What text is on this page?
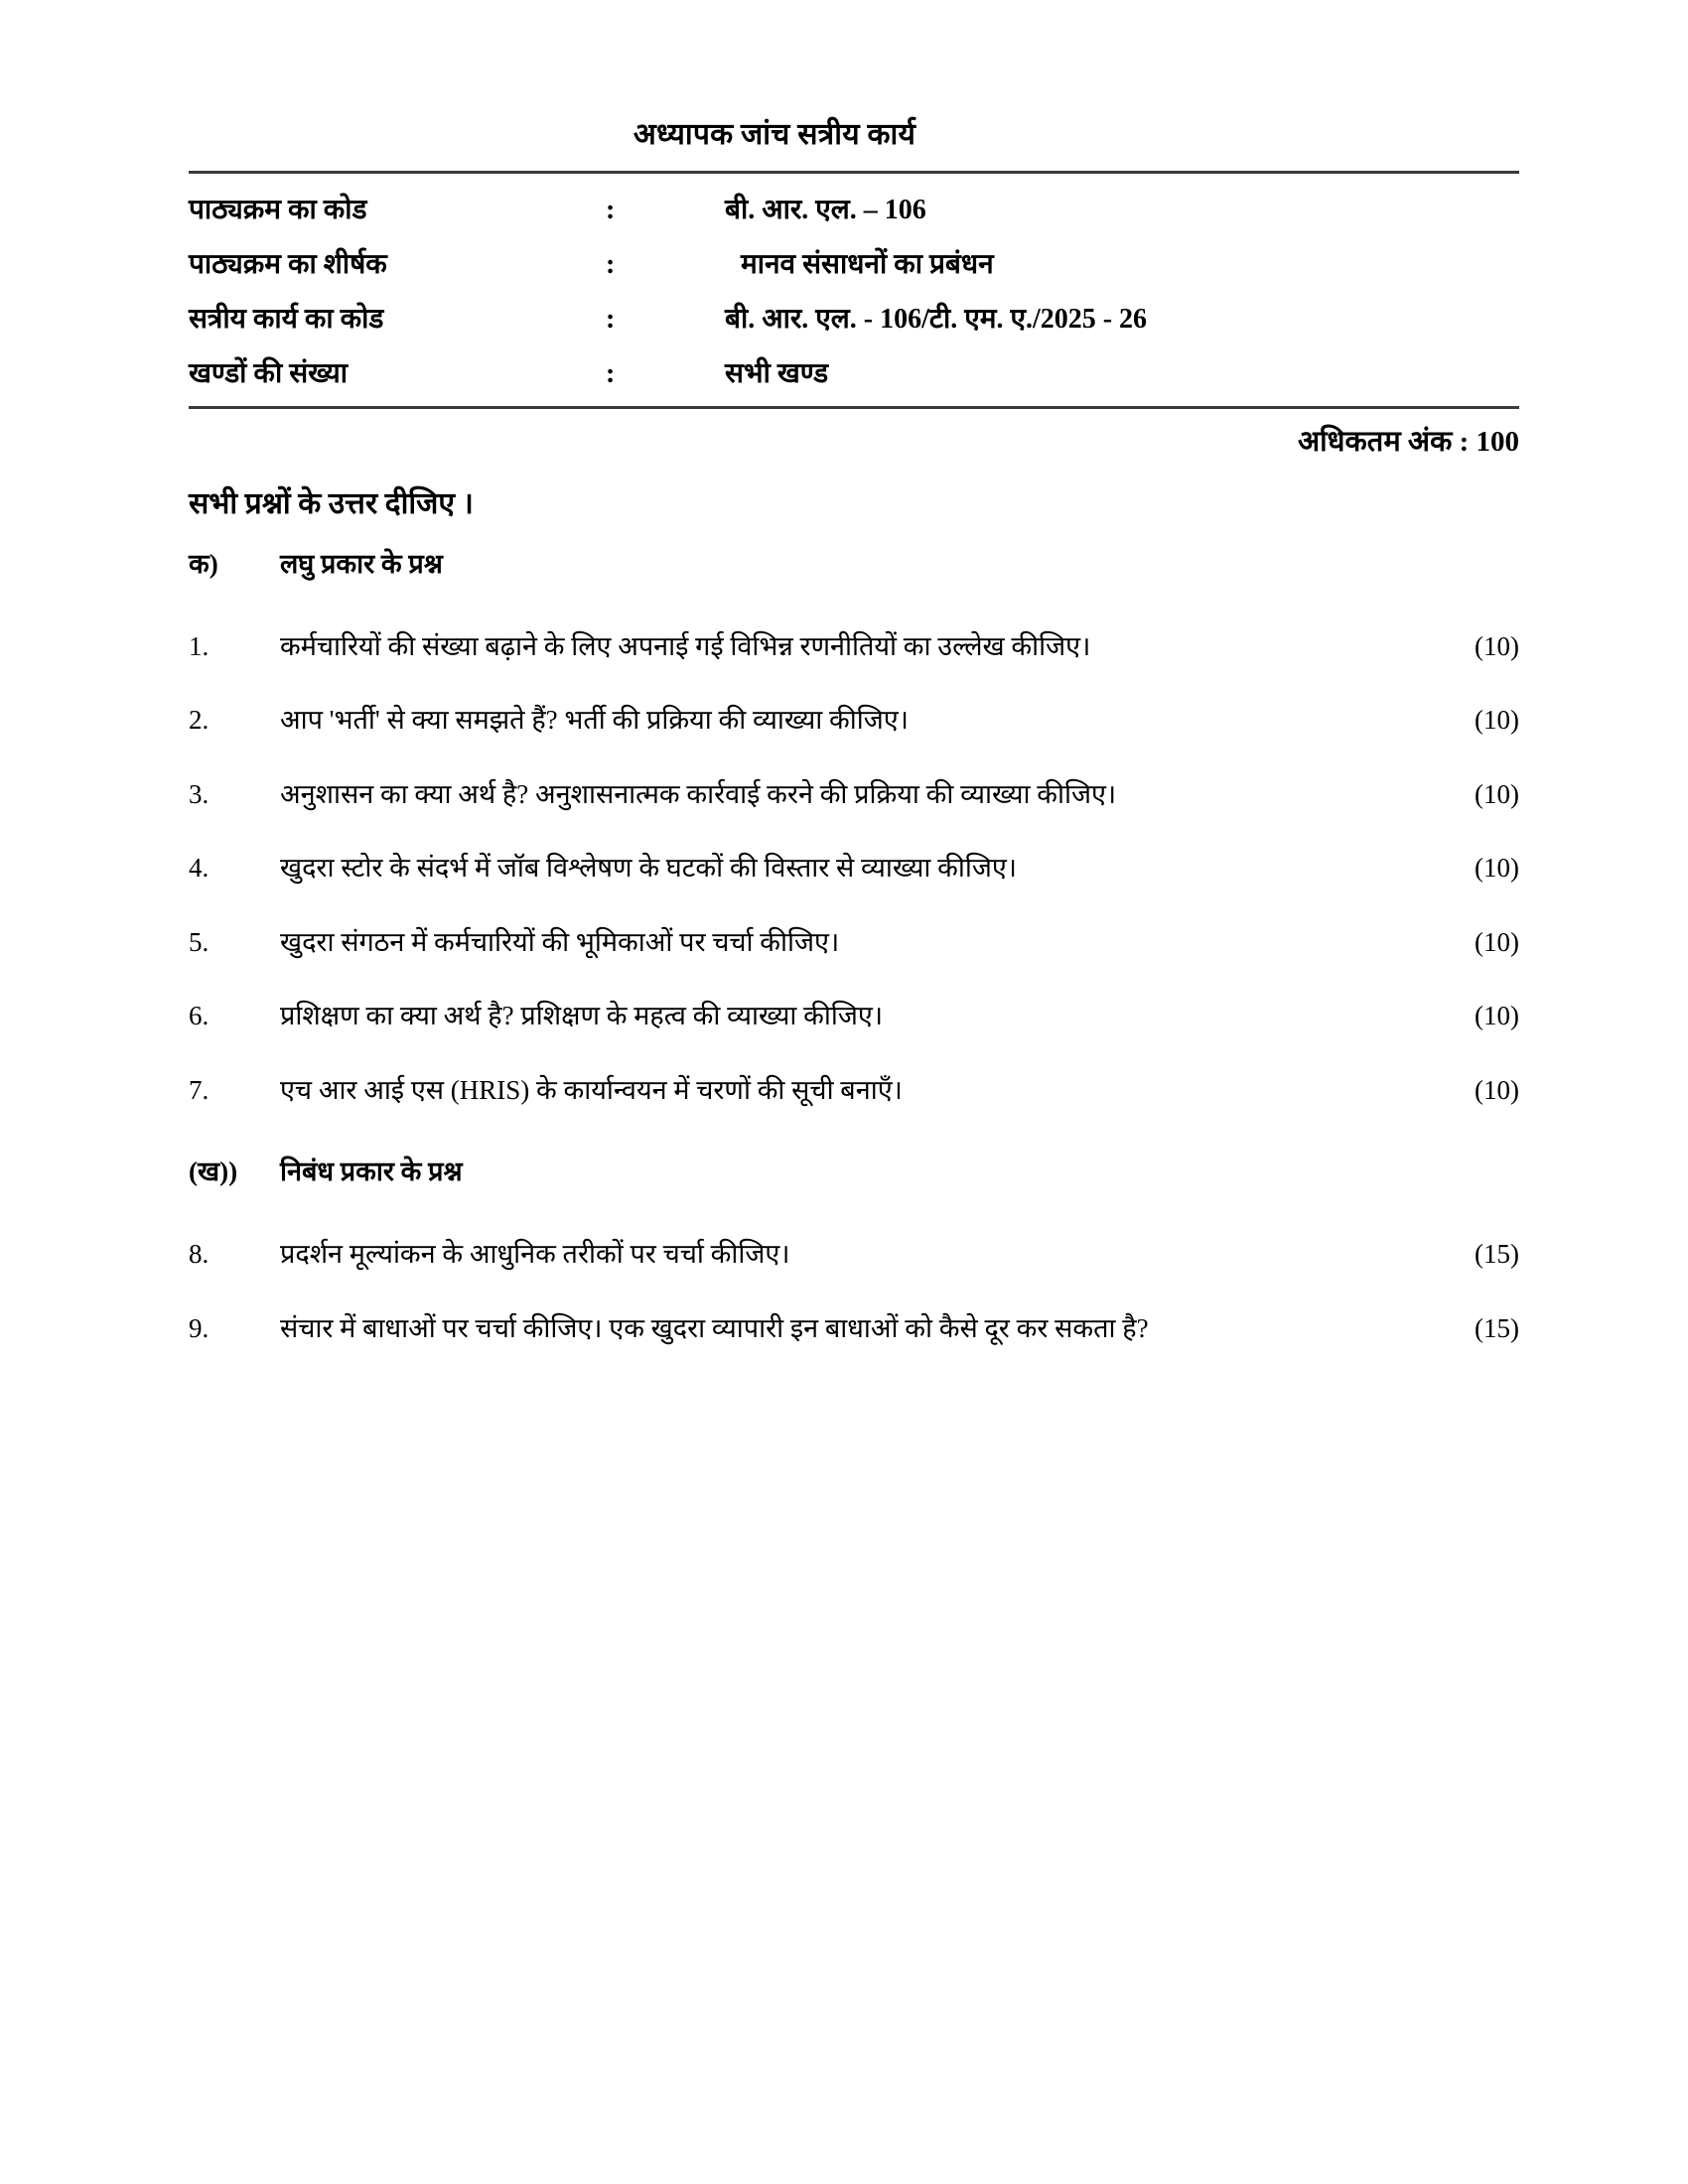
अध्यापक जांच सत्रीय कार्य
पाठ्यक्रम का कोड	:	बी. आर. एल. – 106
पाठ्यक्रम का शीर्षक	:	मानव संसाधनों का प्रबंधन
सत्रीय कार्य का कोड	:	बी. आर. एल. - 106/टी. एम. ए./2025 - 26
खण्डों की संख्या	:	सभी खण्ड
अधिकतम अंक : 100
सभी प्रश्नों के उत्तर दीजिए ।
क)	लघु प्रकार के प्रश्न
1.	कर्मचारियों की संख्या बढ़ाने के लिए अपनाई गई विभिन्न रणनीतियों का उल्लेख कीजिए।	(10)
2.	आप 'भर्ती' से क्या समझते हैं? भर्ती की प्रक्रिया की व्याख्या कीजिए।	(10)
3.	अनुशासन का क्या अर्थ है? अनुशासनात्मक कार्रवाई करने की प्रक्रिया की व्याख्या कीजिए।	(10)
4.	खुदरा स्टोर के संदर्भ में जॉब विश्लेषण के घटकों की विस्तार से व्याख्या कीजिए।	(10)
5.	खुदरा संगठन में कर्मचारियों की भूमिकाओं पर चर्चा कीजिए।	(10)
6.	प्रशिक्षण का क्या अर्थ है? प्रशिक्षण के महत्व की व्याख्या कीजिए।	(10)
7.	एच आर आई एस (HRIS) के कार्यान्वयन में चरणों की सूची बनाएँ।	(10)
(ख))	निबंध प्रकार के प्रश्न
8.	प्रदर्शन मूल्यांकन के आधुनिक तरीकों पर चर्चा कीजिए।	(15)
9.	संचार में बाधाओं पर चर्चा कीजिए। एक खुदरा व्यापारी इन बाधाओं को कैसे दूर कर सकता है?	(15)
